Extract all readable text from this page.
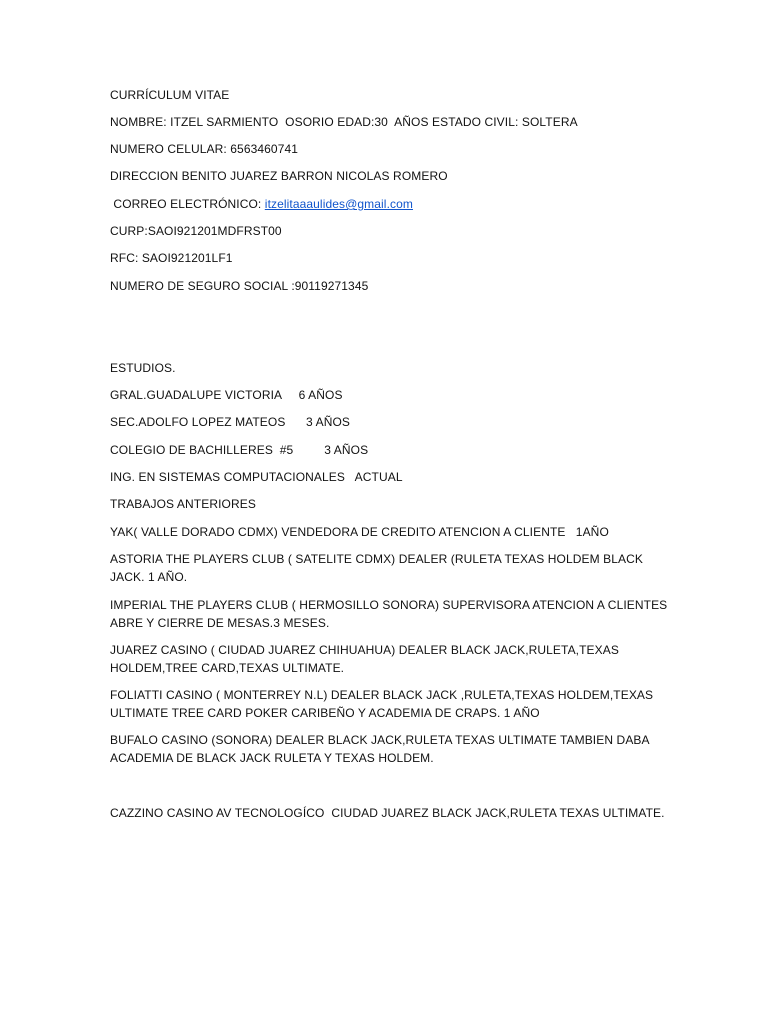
CURRÍCULUM VITAE
NOMBRE: ITZEL SARMIENTO  OSORIO EDAD:30  AÑOS ESTADO CIVIL: SOLTERA
NUMERO CELULAR: 6563460741
DIRECCION BENITO JUAREZ BARRON NICOLAS ROMERO
CORREO ELECTRÓNICO: itzelitaaaulides@gmail.com
CURP:SAOI921201MDFRST00
RFC: SAOI921201LF1
NUMERO DE SEGURO SOCIAL :90119271345
ESTUDIOS.
GRAL.GUADALUPE VICTORIA     6 AÑOS
SEC.ADOLFO LOPEZ MATEOS      3 AÑOS
COLEGIO DE BACHILLERES  #5         3 AÑOS
ING. EN SISTEMAS COMPUTACIONALES   ACTUAL
TRABAJOS ANTERIORES
YAK( VALLE DORADO CDMX) VENDEDORA DE CREDITO ATENCION A CLIENTE   1AÑO
ASTORIA THE PLAYERS CLUB ( SATELITE CDMX) DEALER (RULETA TEXAS HOLDEM BLACK JACK. 1 AÑO.
IMPERIAL THE PLAYERS CLUB ( HERMOSILLO SONORA) SUPERVISORA ATENCION A CLIENTES ABRE Y CIERRE DE MESAS.3 MESES.
JUAREZ CASINO ( CIUDAD JUAREZ CHIHUAHUA) DEALER BLACK JACK,RULETA,TEXAS HOLDEM,TREE CARD,TEXAS ULTIMATE.
FOLIATTI CASINO ( MONTERREY N.L) DEALER BLACK JACK ,RULETA,TEXAS HOLDEM,TEXAS ULTIMATE TREE CARD POKER CARIBEÑO Y ACADEMIA DE CRAPS. 1 AÑO
BUFALO CASINO (SONORA) DEALER BLACK JACK,RULETA TEXAS ULTIMATE TAMBIEN DABA ACADEMIA DE BLACK JACK RULETA Y TEXAS HOLDEM.
CAZZINO CASINO AV TECNOLOGÍCO  CIUDAD JUAREZ BLACK JACK,RULETA TEXAS ULTIMATE.
